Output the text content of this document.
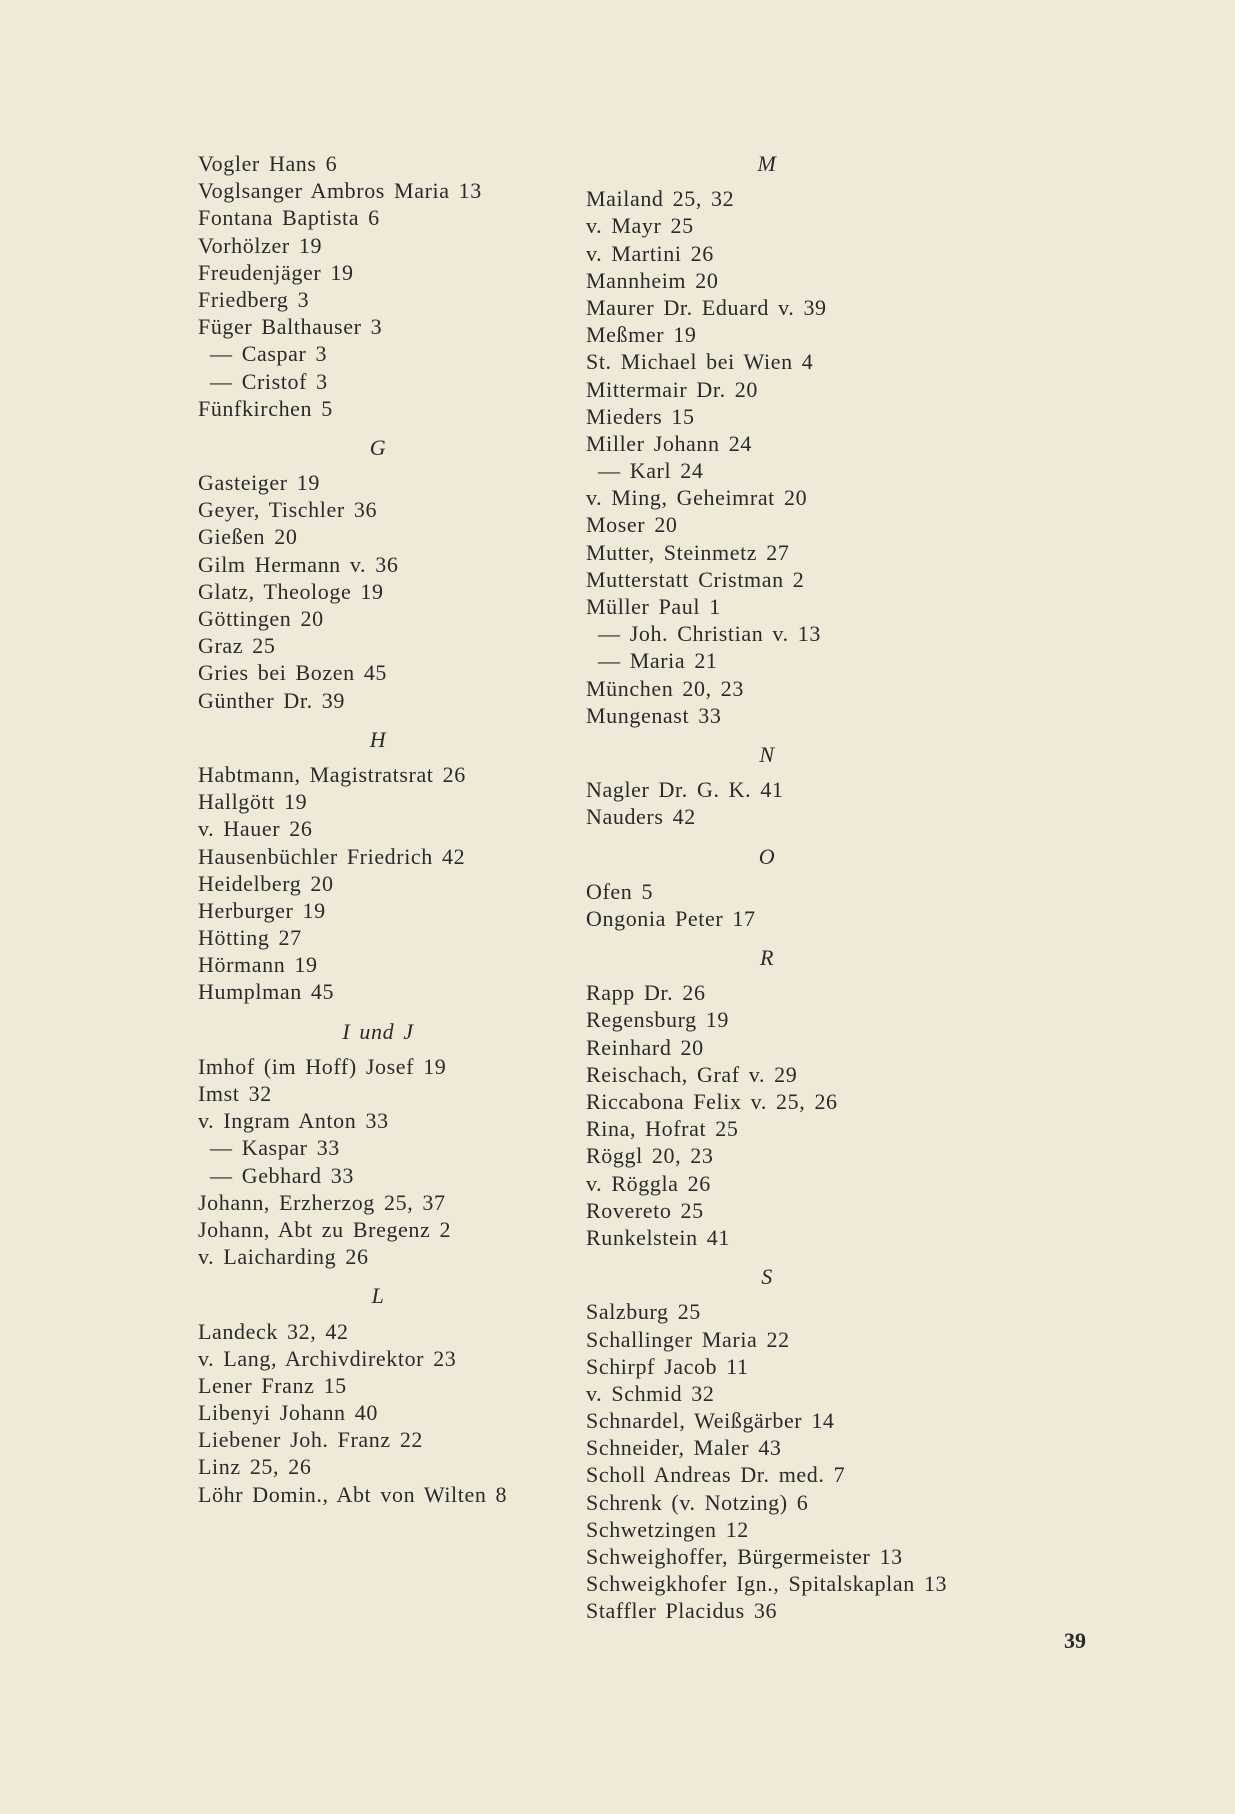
Vogler Hans 6
Voglsanger Ambros Maria 13
Fontana Baptista 6
Vorhölzer 19
Freudenjäger 19
Friedberg 3
Füger Balthauser 3
— Caspar 3
— Cristof 3
Fünfkirchen 5
G
Gasteiger 19
Geyer, Tischler 36
Gießen 20
Gilm Hermann v. 36
Glatz, Theologe 19
Göttingen 20
Graz 25
Gries bei Bozen 45
Günther Dr. 39
H
Habtmann, Magistratsrat 26
Hallgött 19
v. Hauer 26
Hausenbüchler Friedrich 42
Heidelberg 20
Herburger 19
Hötting 27
Hörmann 19
Humplman 45
I und J
Imhof (im Hoff) Josef 19
Imst 32
v. Ingram Anton 33
— Kaspar 33
— Gebhard 33
Johann, Erzherzog 25, 37
Johann, Abt zu Bregenz 2
v. Laicharding 26
L
Landeck 32, 42
v. Lang, Archivdirektor 23
Lener Franz 15
Libenyi Johann 40
Liebener Joh. Franz 22
Linz 25, 26
Löhr Domin., Abt von Wilten 8
M
Mailand 25, 32
v. Mayr 25
v. Martini 26
Mannheim 20
Maurer Dr. Eduard v. 39
Meßmer 19
St. Michael bei Wien 4
Mittermair Dr. 20
Mieders 15
Miller Johann 24
— Karl 24
v. Ming, Geheimrat 20
Moser 20
Mutter, Steinmetz 27
Mutterstatt Cristman 2
Müller Paul 1
— Joh. Christian v. 13
— Maria 21
München 20, 23
Mungenast 33
N
Nagler Dr. G. K. 41
Nauders 42
O
Ofen 5
Ongonia Peter 17
R
Rapp Dr. 26
Regensburg 19
Reinhard 20
Reischach, Graf v. 29
Riccabona Felix v. 25, 26
Rina, Hofrat 25
Röggl 20, 23
v. Röggla 26
Rovereto 25
Runkelstein 41
S
Salzburg 25
Schallinger Maria 22
Schirpf Jacob 11
v. Schmid 32
Schnardel, Weißgärber 14
Schneider, Maler 43
Scholl Andreas Dr. med. 7
Schrenk (v. Notzing) 6
Schwetzingen 12
Schweighoffer, Bürgermeister 13
Schweigkhofer Ign., Spitalskaplan 13
Staffler Placidus 36
39
